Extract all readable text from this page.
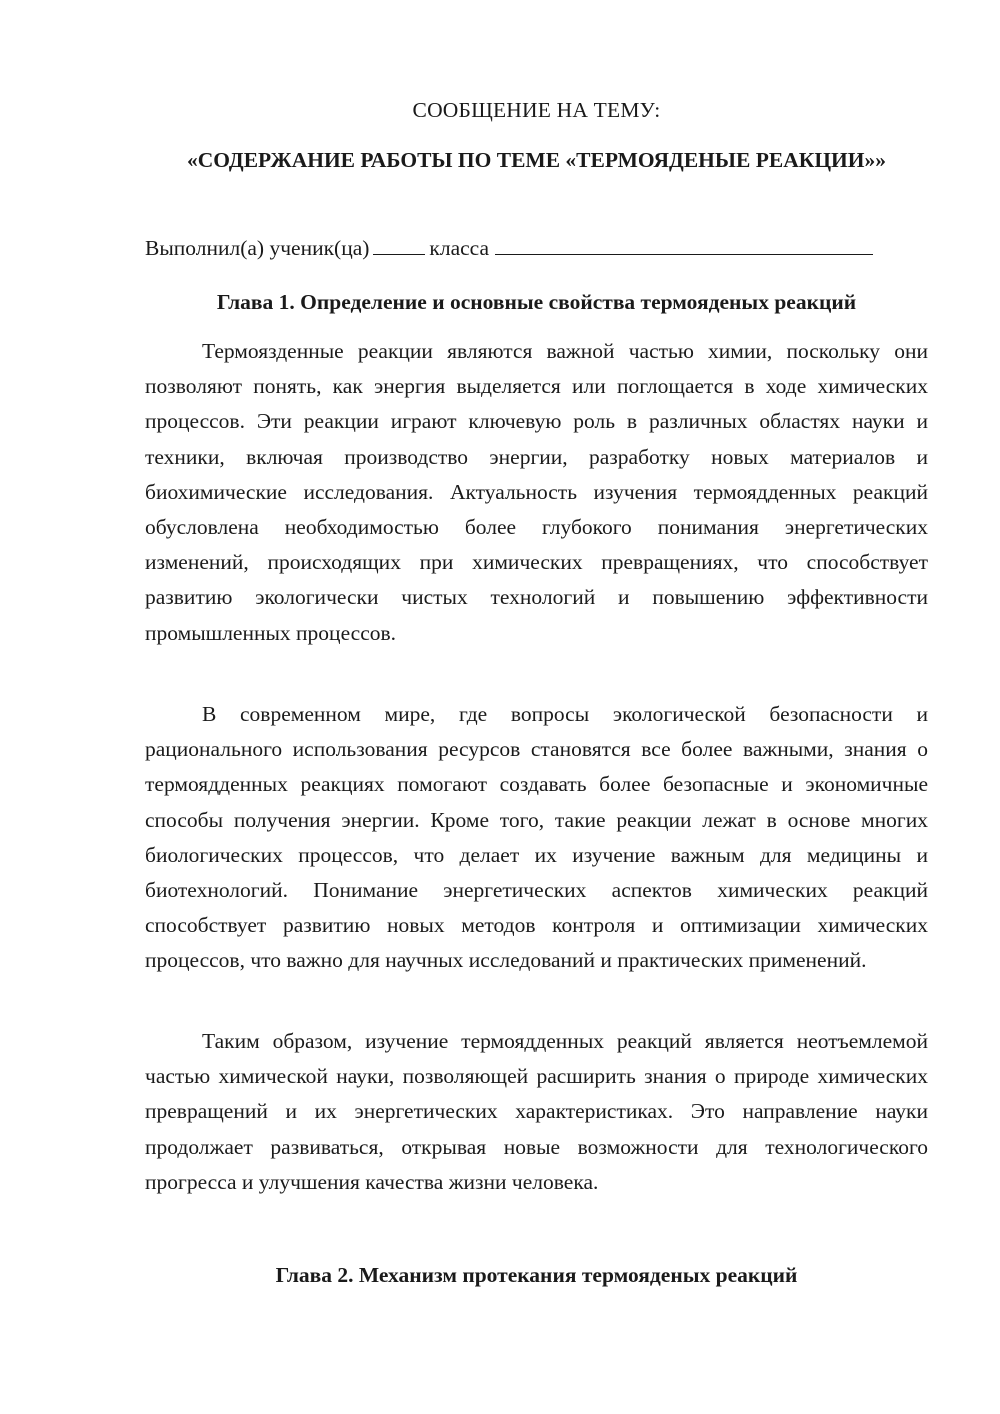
СООБЩЕНИЕ НА ТЕМУ:
«СОДЕРЖАНИЕ РАБОТЫ ПО ТЕМЕ «ТЕРМОЯДЕНЫЕ РЕАКЦИИ»»
Выполнил(а) ученик(ца)	класса
Глава 1. Определение и основные свойства термояденых реакций

Термоязденные реакции являются важной частью химии, поскольку они позволяют понять, как энергия выделяется или поглощается в ходе химических процессов. Эти реакции играют ключевую роль в различных областях науки и техники, включая производство энергии, разработку новых материалов и биохимические исследования. Актуальность изучения термоядденных реакций обусловлена необходимостью более глубокого понимания энергетических изменений, происходящих при химических превращениях, что способствует развитию экологически чистых технологий и повышению эффективности промышленных процессов.

В современном мире, где вопросы экологической безопасности и рационального использования ресурсов становятся все более важными, знания о термоядденных реакциях помогают создавать более безопасные и экономичные способы получения энергии. Кроме того, такие реакции лежат в основе многих биологических процессов, что делает их изучение важным для медицины и биотехнологий. Понимание энергетических аспектов химических реакций способствует развитию новых методов контроля и оптимизации химических процессов, что важно для научных исследований и практических применений.

Таким образом, изучение термоядденных реакций является неотъемлемой частью химической науки, позволяющей расширить знания о природе химических превращений и их энергетических характеристиках. Это направление науки продолжает развиваться, открывая новые возможности для технологического прогресса и улучшения качества жизни человека.

Глава 2. Механизм протекания термояденых реакций
